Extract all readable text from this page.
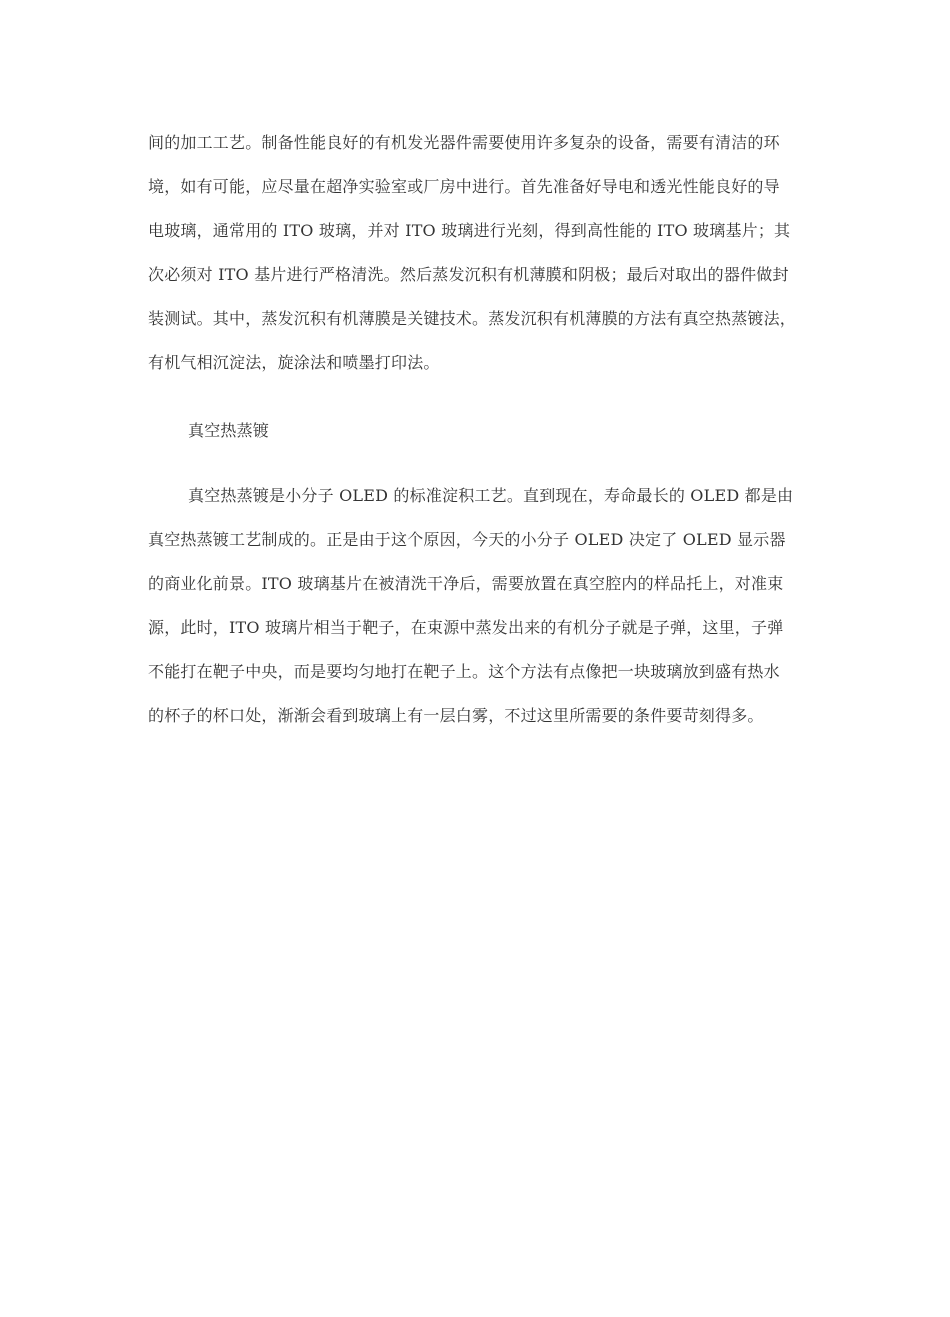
间的加工工艺。制备性能良好的有机发光器件需要使用许多复杂的设备，需要有清洁的环
境，如有可能，应尽量在超净实验室或厂房中进行。首先准备好导电和透光性能良好的导
电玻璃，通常用的 ITO 玻璃，并对 ITO 玻璃进行光刻，得到高性能的 ITO 玻璃基片；其
次必须对 ITO 基片进行严格清洗。然后蒸发沉积有机薄膜和阴极；最后对取出的器件做封
装测试。其中，蒸发沉积有机薄膜是关键技术。蒸发沉积有机薄膜的方法有真空热蒸镀法，
有机气相沉淀法，旋涂法和喷墨打印法。
真空热蒸镀
真空热蒸镀是小分子 OLED 的标准淀积工艺。直到现在，寿命最长的 OLED 都是由
真空热蒸镀工艺制成的。正是由于这个原因，今天的小分子 OLED 决定了 OLED 显示器
的商业化前景。ITO 玻璃基片在被清洗干净后，需要放置在真空腔内的样品托上，对准束
源，此时，ITO 玻璃片相当于靶子，在束源中蒸发出来的有机分子就是子弹，这里，子弹
不能打在靶子中央，而是要均匀地打在靶子上。这个方法有点像把一块玻璃放到盛有热水
的杯子的杯口处，渐渐会看到玻璃上有一层白雾，不过这里所需要的条件要苛刻得多。
